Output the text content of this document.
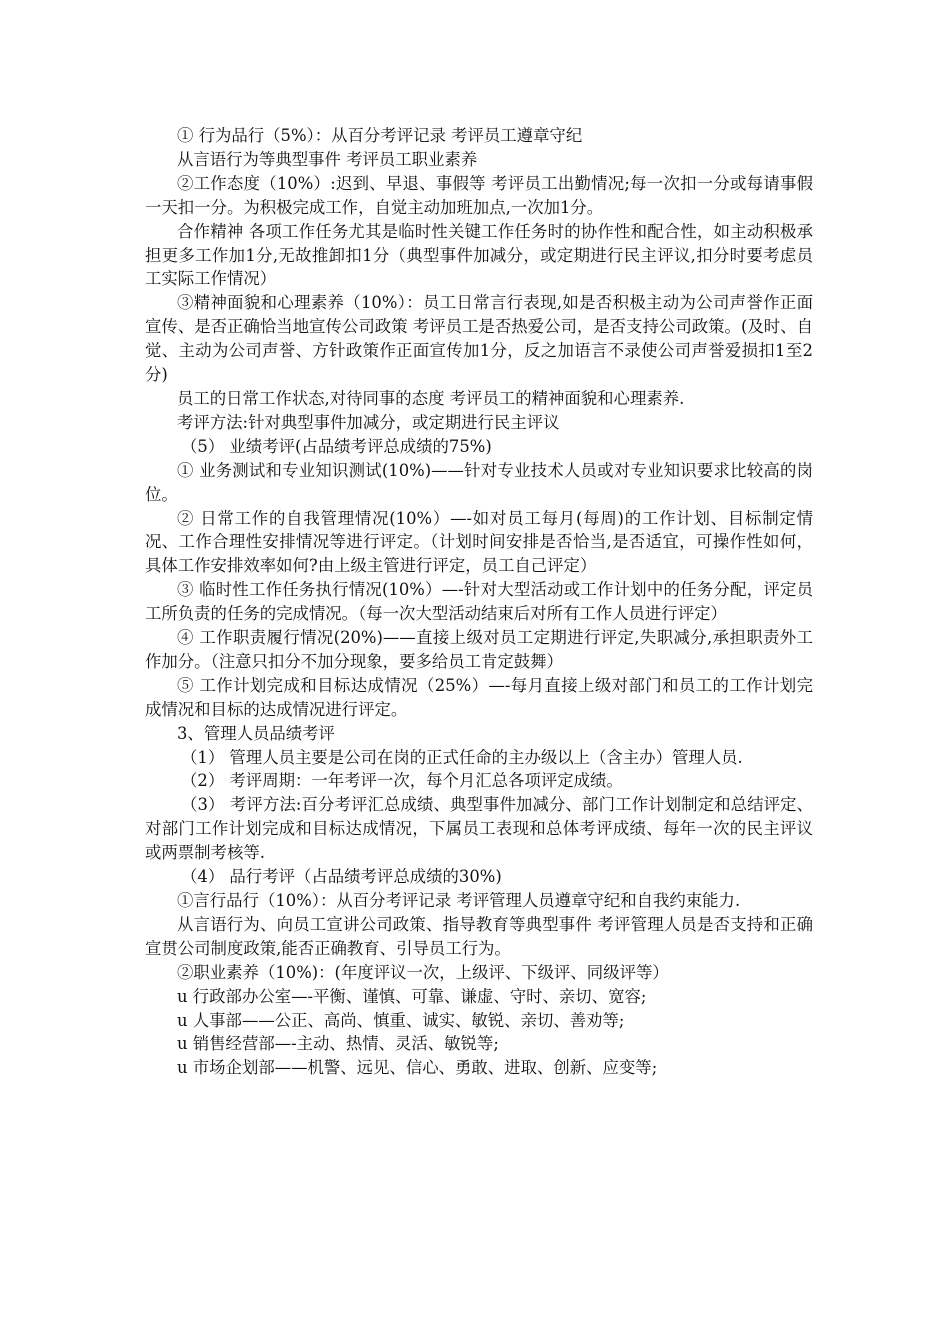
① 行为品行（5%）：从百分考评记录 考评员工遵章守纪

从言语行为等典型事件 考评员工职业素养

②工作态度（10%）:迟到、早退、事假等 考评员工出勤情况;每一次扣一分或每请事假一天扣一分。为积极完成工作，自觉主动加班加点,一次加1分。

合作精神 各项工作任务尤其是临时性关键工作任务时的协作性和配合性，如主动积极承担更多工作加1分,无故推卸扣1分（典型事件加减分，或定期进行民主评议,扣分时要考虑员工实际工作情况）

③精神面貌和心理素养（10%）：员工日常言行表现,如是否积极主动为公司声誉作正面宣传、是否正确恰当地宣传公司政策 考评员工是否热爱公司，是否支持公司政策。(及时、自觉、主动为公司声誉、方针政策作正面宣传加1分，反之加语言不录使公司声誉爱损扣1至2分)

员工的日常工作状态,对待同事的态度 考评员工的精神面貌和心理素养.

考评方法:针对典型事件加减分，或定期进行民主评议

（5） 业绩考评(占品绩考评总成绩的75%)

① 业务测试和专业知识测试(10%)——针对专业技术人员或对专业知识要求比较高的岗位。

② 日常工作的自我管理情况(10%）—-如对员工每月(每周)的工作计划、目标制定情况、工作合理性安排情况等进行评定。（计划时间安排是否恰当,是否适宜，可操作性如何，具体工作安排效率如何?由上级主管进行评定，员工自己评定）

③ 临时性工作任务执行情况(10%）—-针对大型活动或工作计划中的任务分配，评定员工所负责的任务的完成情况。（每一次大型活动结束后对所有工作人员进行评定）

④ 工作职责履行情况(20%)——直接上级对员工定期进行评定,失职减分,承担职责外工作加分。（注意只扣分不加分现象，要多给员工肯定鼓舞）

⑤ 工作计划完成和目标达成情况（25%）—-每月直接上级对部门和员工的工作计划完成情况和目标的达成情况进行评定。

3、管理人员品绩考评

（1） 管理人员主要是公司在岗的正式任命的主办级以上（含主办）管理人员.

（2） 考评周期：一年考评一次，每个月汇总各项评定成绩。

（3） 考评方法:百分考评汇总成绩、典型事件加减分、部门工作计划制定和总结评定、对部门工作计划完成和目标达成情况，下属员工表现和总体考评成绩、每年一次的民主评议或两票制考核等.

（4） 品行考评（占品绩考评总成绩的30%)

①言行品行（10%）：从百分考评记录 考评管理人员遵章守纪和自我约束能力.

从言语行为、向员工宣讲公司政策、指导教育等典型事件 考评管理人员是否支持和正确宣贯公司制度政策,能否正确教育、引导员工行为。

②职业素养（10%)：(年度评议一次，上级评、下级评、同级评等）

u 行政部办公室—-平衡、谨慎、可靠、谦虚、守时、亲切、宽容;

u 人事部——公正、高尚、慎重、诚实、敏锐、亲切、善劝等;

u 销售经营部—-主动、热情、灵活、敏锐等;

u 市场企划部——机警、远见、信心、勇敢、进取、创新、应变等;
